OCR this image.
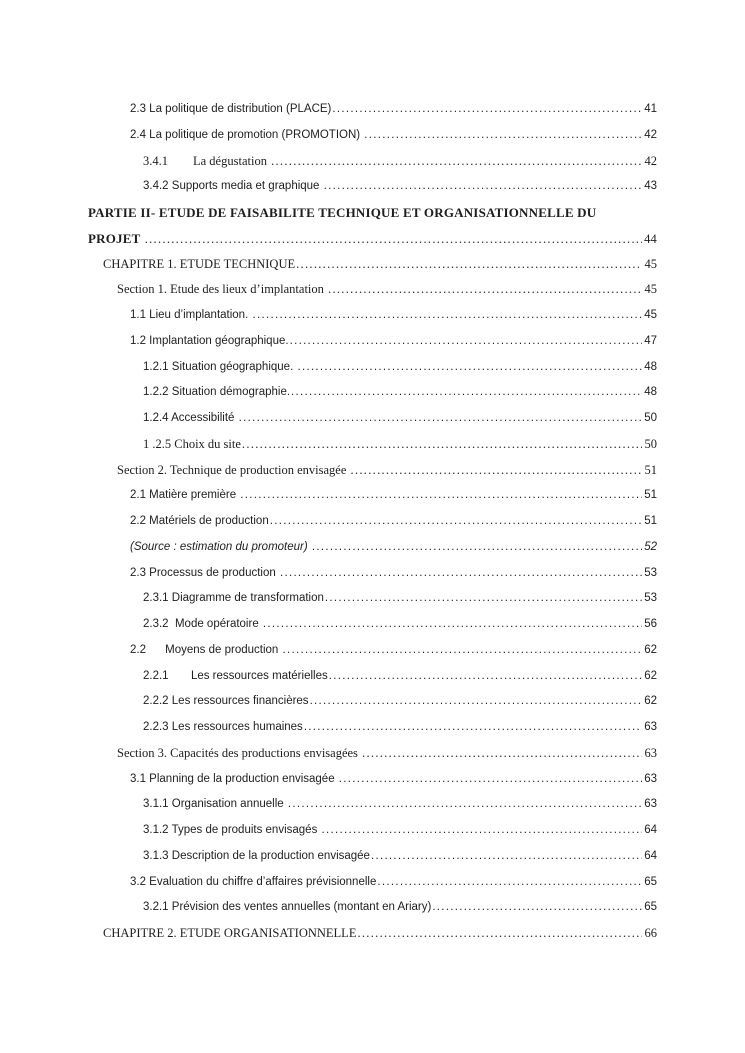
2.3 La politique de distribution (PLACE) .....	41
2.4 La politique de promotion (PROMOTION) .....	42
3.4.1        La dégustation .....	42
3.4.2 Supports media et graphique .....	43
PARTIE II- ETUDE DE FAISABILITE TECHNIQUE ET ORGANISATIONNELLE DU
PROJET .....	44
CHAPITRE 1. ETUDE TECHNIQUE .....	45
Section 1. Etude des lieux d’implantation .....	45
1.1 Lieu d’implantation. .....	45
1.2 Implantation géographique. .....	47
1.2.1 Situation géographique. .....	48
1.2.2 Situation démographie. .....	48
1.2.4 Accessibilité .....	50
1 .2.5 Choix du site .....	50
Section 2. Technique de production envisagée .....	51
2.1 Matière première .....	51
2.2 Matériels de production .....	51
(Source : estimation du promoteur) .....	52
2.3 Processus de production .....	53
2.3.1 Diagramme de transformation .....	53
2.3.2  Mode opératoire .....	56
2.2      Moyens de production .....	62
2.2.1       Les ressources matérielles .....	62
2.2.2 Les ressources financières .....	62
2.2.3 Les ressources humaines .....	63
Section 3. Capacités des productions envisagées .....	63
3.1 Planning de la production envisagée .....	63
3.1.1 Organisation annuelle .....	63
3.1.2 Types de produits envisagés .....	64
3.1.3 Description de la production envisagée .....	64
3.2 Evaluation du chiffre d’affaires prévisionnelle .....	65
3.2.1 Prévision des ventes annuelles (montant en Ariary) .....	65
CHAPITRE 2. ETUDE ORGANISATIONNELLE .....	66
